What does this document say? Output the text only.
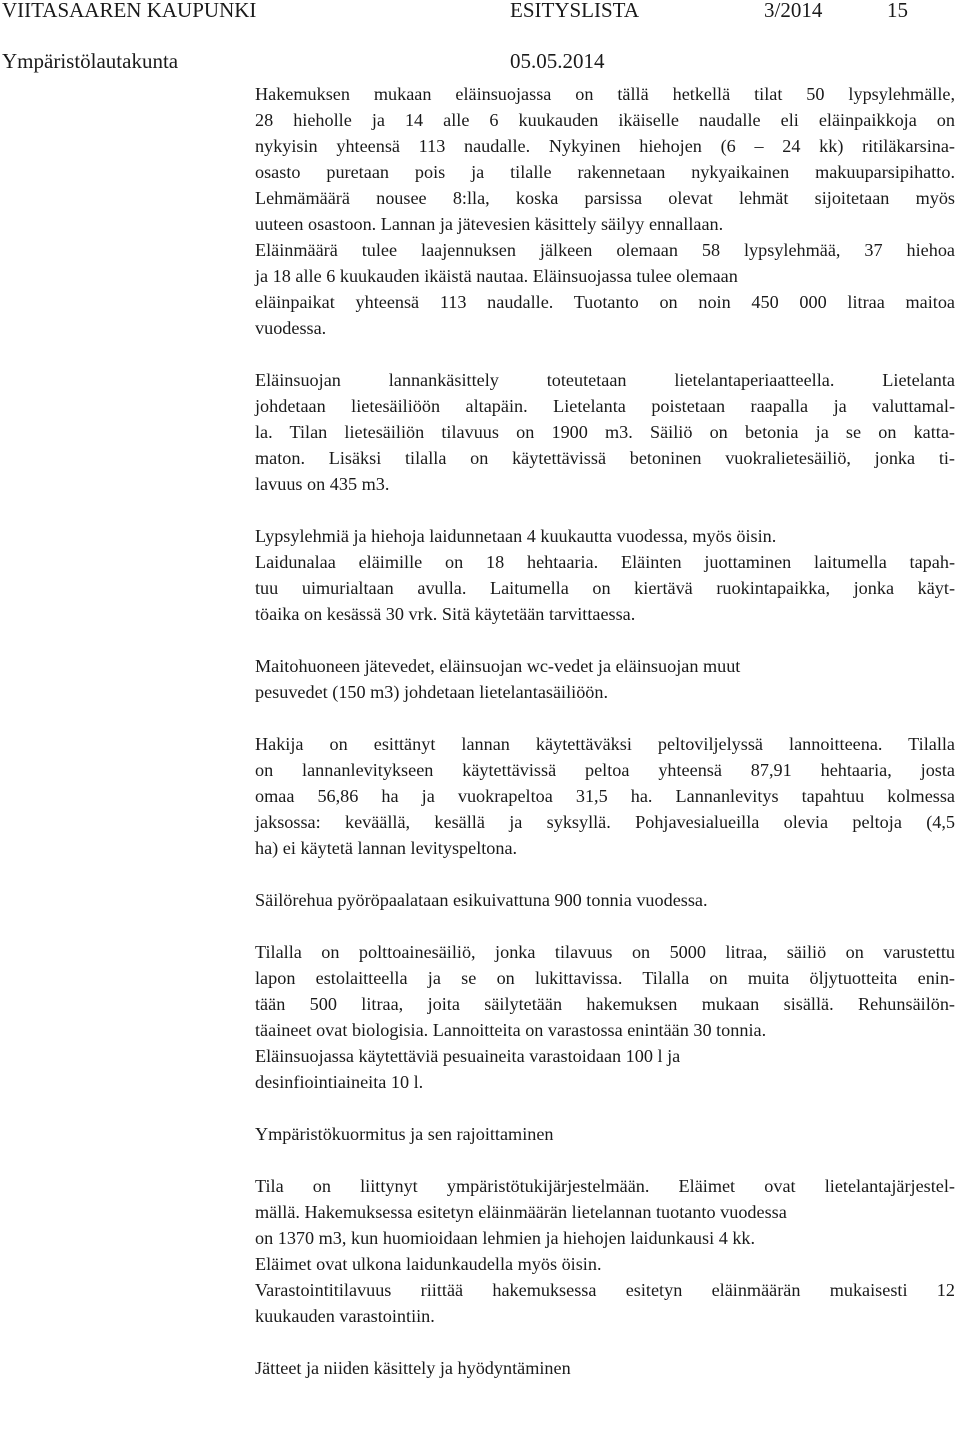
VIITASAAREN KAUPUNKI	ESITYSLISTA	3/2014	15
Ympäristölautakunta	05.05.2014

Hakemuksen mukaan eläinsuojassa on tällä hetkellä tilat 50 lypsylehmälle,
28 hieholle ja 14 alle 6 kuukauden ikäiselle naudalle eli eläinpaikkoja on
nykyisin yhteensä 113 naudalle. Nykyinen hiehojen (6 – 24 kk) ritiläkarsina-
osasto puretaan pois ja tilalle rakennetaan nykyaikainen makuuparsipihatto.
Lehmämäärä nousee 8:lla, koska parsissa olevat lehmät sijoitetaan myös
uuteen osastoon. Lannan ja jätevesien käsittely säilyy ennallaan.
Eläinmäärä tulee laajennuksen jälkeen olemaan 58 lypsylehmää, 37 hiehoa
ja 18 alle 6 kuukauden ikäistä nautaa. Eläinsuojassa tulee olemaan
eläinpaikat yhteensä 113 naudalle. Tuotanto on noin 450 000 litraa maitoa
vuodessa.

Eläinsuojan lannankäsittely toteutetaan lietelantaperiaatteella. Lietelanta
johdetaan lietesäiliöön altapäin. Lietelanta poistetaan raapalla ja valuttamal-
la. Tilan lietesäiliön tilavuus on 1900 m3. Säiliö on betonia ja se on katta-
maton. Lisäksi tilalla on käytettävissä betoninen vuokralietesäiliö, jonka ti-
lavuus on 435 m3.

Lypsylehmiä ja hiehoja laidunnetaan 4 kuukautta vuodessa, myös öisin.
Laidunalaa eläimille on 18 hehtaaria. Eläinten juottaminen laitumella tapah-
tuu uimurialtaan avulla. Laitumella on kiertävä ruokintapaikka, jonka käyt-
töaika on kesässä 30 vrk. Sitä käytetään tarvittaessa.

Maitohuoneen jätevedet, eläinsuojan wc-vedet ja eläinsuojan muut
pesuvedet (150 m3) johdetaan lietelantasäiliöön.

Hakija on esittänyt lannan käytettäväksi peltoviljelyssä lannoitteena. Tilalla
on lannanlevitykseen käytettävissä peltoa yhteensä 87,91 hehtaaria, josta
omaa 56,86 ha ja vuokrapeltoa 31,5 ha. Lannanlevitys tapahtuu kolmessa
jaksossa: keväällä, kesällä ja syksyllä. Pohjavesialueilla olevia peltoja (4,5
ha) ei käytetä lannan levityspeltona.

Säilörehua pyöröpaalataan esikuivattuna 900 tonnia vuodessa.

Tilalla on polttoainesäiliö, jonka tilavuus on 5000 litraa, säiliö on varustettu
lapon estolaitteella ja se on lukittavissa. Tilalla on muita öljytuotteita enin-
tään 500 litraa, joita säilytetään hakemuksen mukaan sisällä. Rehunsäilön-
täaineet ovat biologisia. Lannoitteita on varastossa enintään 30 tonnia.
Eläinsuojassa käytettäviä pesuaineita varastoidaan 100 l ja
desinfiointiaineita 10 l.

Ympäristökuormitus ja sen rajoittaminen

Tila on liittynyt ympäristötukijärjestelmään. Eläimet ovat lietelantajärjestel-
mällä. Hakemuksessa esitetyn eläinmäärän lietelannan tuotanto vuodessa
on 1370 m3, kun huomioidaan lehmien ja hiehojen laidunkausi 4 kk.
Eläimet ovat ulkona laidunkaudella myös öisin.
Varastointitilavuus riittää hakemuksessa esitetyn eläinmäärän mukaisesti 12
kuukauden varastointiin.

Jätteet ja niiden käsittely ja hyödyntäminen
